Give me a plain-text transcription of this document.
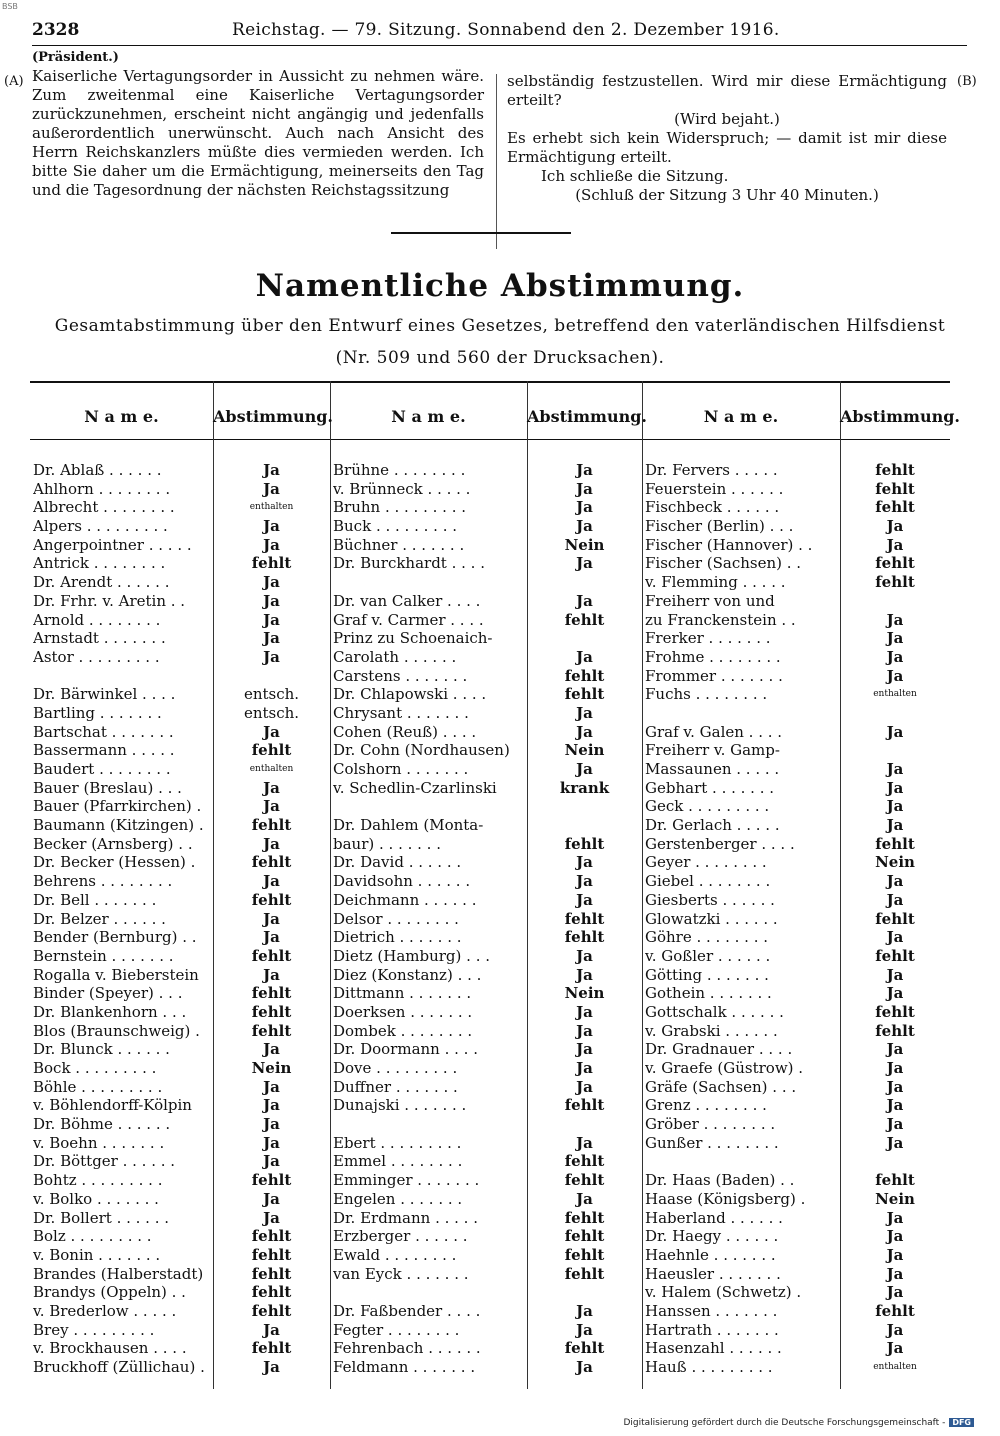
BSB
2328	Reichstag. — 79. Sitzung. Sonnabend den 2. Dezember 1916.
(A)	(B)
(Präsident.)

Kaiserliche Vertagungsorder in Aussicht zu nehmen wäre. Zum zweitenmal eine Kaiserliche Vertagungsorder zurückzunehmen, erscheint nicht angängig und jedenfalls außerordentlich unerwünscht. Auch nach Ansicht des Herrn Reichskanzlers müßte dies vermieden werden. Ich bitte Sie daher um die Ermächtigung, meinerseits den Tag und die Tagesordnung der nächsten Reichstagssitzung

selbständig festzustellen. Wird mir diese Ermächtigung erteilt?

(Wird bejaht.)

Es erhebt sich kein Widerspruch; — damit ist mir diese Ermächtigung erteilt.

Ich schließe die Sitzung.

(Schluß der Sitzung 3 Uhr 40 Minuten.)

Namentliche Abstimmung.
Gesamtabstimmung über den Entwurf eines Gesetzes, betreffend den vaterländischen Hilfsdienst
(Nr. 509 und 560 der Drucksachen).
N a m e.	Abstimmung.	N a m e.	Abstimmung.	N a m e.	Abstimmung.
Dr. Ablaß . . . . . .	Ja
Ahlhorn . . . . . . . .	Ja
Albrecht . . . . . . . .	enthalten
Alpers . . . . . . . . .	Ja
Angerpointner . . . . .	Ja
Antrick . . . . . . . .	fehlt
Dr. Arendt . . . . . .	Ja
Dr. Frhr. v. Aretin . .	Ja
Arnold . . . . . . . .	Ja
Arnstadt . . . . . . .	Ja
Astor . . . . . . . . .	Ja
Dr. Bärwinkel . . . .	entsch.
Bartling . . . . . . .	entsch.
Bartschat . . . . . . .	Ja
Bassermann . . . . .	fehlt
Baudert . . . . . . . .	enthalten
Bauer (Breslau) . . .	Ja
Bauer (Pfarrkirchen) .	Ja
Baumann (Kitzingen) .	fehlt
Becker (Arnsberg) . .	Ja
Dr. Becker (Hessen) .	fehlt
Behrens . . . . . . . .	Ja
Dr. Bell . . . . . . .	fehlt
Dr. Belzer . . . . . .	Ja
Bender (Bernburg) . .	Ja
Bernstein . . . . . . .	fehlt
Rogalla v. Bieberstein	Ja
Binder (Speyer) . . .	fehlt
Dr. Blankenhorn . . .	fehlt
Blos (Braunschweig) .	fehlt
Dr. Blunck . . . . . .	Ja
Bock . . . . . . . . .	Nein
Böhle . . . . . . . . .	Ja
v. Böhlendorff-Kölpin	Ja
Dr. Böhme . . . . . .	Ja
v. Boehn . . . . . . .	Ja
Dr. Böttger . . . . . .	Ja
Bohtz . . . . . . . . .	fehlt
v. Bolko . . . . . . .	Ja
Dr. Bollert . . . . . .	Ja
Bolz . . . . . . . . .	fehlt
v. Bonin . . . . . . .	fehlt
Brandes (Halberstadt)	fehlt
Brandys (Oppeln) . .	fehlt
v. Brederlow . . . . .	fehlt
Brey . . . . . . . . .	Ja
v. Brockhausen . . . .	fehlt
Bruckhoff (Züllichau) .	Ja
Brühne . . . . . . . .	Ja
v. Brünneck . . . . .	Ja
Bruhn . . . . . . . . .	Ja
Buck . . . . . . . . .	Ja
Büchner . . . . . . .	Nein
Dr. Burckhardt . . . .	Ja
Dr. van Calker . . . .	Ja
Graf v. Carmer . . . .	fehlt
Prinz zu Schoenaich-
Carolath . . . . . .	Ja
Carstens . . . . . . .	fehlt
Dr. Chlapowski . . . .	fehlt
Chrysant . . . . . . .	Ja
Cohen (Reuß) . . . .	Ja
Dr. Cohn (Nordhausen)	Nein
Colshorn . . . . . . .	Ja
v. Schedlin-Czarlinski	krank
Dr. Dahlem (Monta-
baur) . . . . . . .	fehlt
Dr. David . . . . . .	Ja
Davidsohn . . . . . .	Ja
Deichmann . . . . . .	Ja
Delsor . . . . . . . .	fehlt
Dietrich . . . . . . .	fehlt
Dietz (Hamburg) . . .	Ja
Diez (Konstanz) . . .	Ja
Dittmann . . . . . . .	Nein
Doerksen . . . . . . .	Ja
Dombek . . . . . . . .	Ja
Dr. Doormann . . . .	Ja
Dove . . . . . . . . .	Ja
Duffner . . . . . . .	Ja
Dunajski . . . . . . .	fehlt
Ebert . . . . . . . . .	Ja
Emmel . . . . . . . .	fehlt
Emminger . . . . . . .	fehlt
Engelen . . . . . . .	Ja
Dr. Erdmann . . . . .	fehlt
Erzberger . . . . . .	fehlt
Ewald . . . . . . . .	fehlt
van Eyck . . . . . . .	fehlt
Dr. Faßbender . . . .	Ja
Fegter . . . . . . . .	Ja
Fehrenbach . . . . . .	fehlt
Feldmann . . . . . . .	Ja
Dr. Fervers . . . . .	fehlt
Feuerstein . . . . . .	fehlt
Fischbeck . . . . . .	fehlt
Fischer (Berlin) . . .	Ja
Fischer (Hannover) . .	Ja
Fischer (Sachsen) . .	fehlt
v. Flemming . . . . .	fehlt
Freiherr von und
zu Franckenstein . .	Ja
Frerker . . . . . . .	Ja
Frohme . . . . . . . .	Ja
Frommer . . . . . . .	Ja
Fuchs . . . . . . . .	enthalten
Graf v. Galen . . . .	Ja
Freiherr v. Gamp-
Massaunen . . . . .	Ja
Gebhart . . . . . . .	Ja
Geck . . . . . . . . .	Ja
Dr. Gerlach . . . . .	Ja
Gerstenberger . . . .	fehlt
Geyer . . . . . . . .	Nein
Giebel . . . . . . . .	Ja
Giesberts . . . . . .	Ja
Glowatzki . . . . . .	fehlt
Göhre . . . . . . . .	Ja
v. Goßler . . . . . .	fehlt
Götting . . . . . . .	Ja
Gothein . . . . . . .	Ja
Gottschalk . . . . . .	fehlt
v. Grabski . . . . . .	fehlt
Dr. Gradnauer . . . .	Ja
v. Graefe (Güstrow) .	Ja
Gräfe (Sachsen) . . .	Ja
Grenz . . . . . . . .	Ja
Gröber . . . . . . . .	Ja
Gunßer . . . . . . . .	Ja
Dr. Haas (Baden) . .	fehlt
Haase (Königsberg) .	Nein
Haberland . . . . . .	Ja
Dr. Haegy . . . . . .	Ja
Haehnle . . . . . . .	Ja
Haeusler . . . . . . .	Ja
v. Halem (Schwetz) .	Ja
Hanssen . . . . . . .	fehlt
Hartrath . . . . . . .	Ja
Hasenzahl . . . . . .	Ja
Hauß . . . . . . . . .	enthalten
Digitalisierung gefördert durch die Deutsche Forschungsgemeinschaft - DFG
